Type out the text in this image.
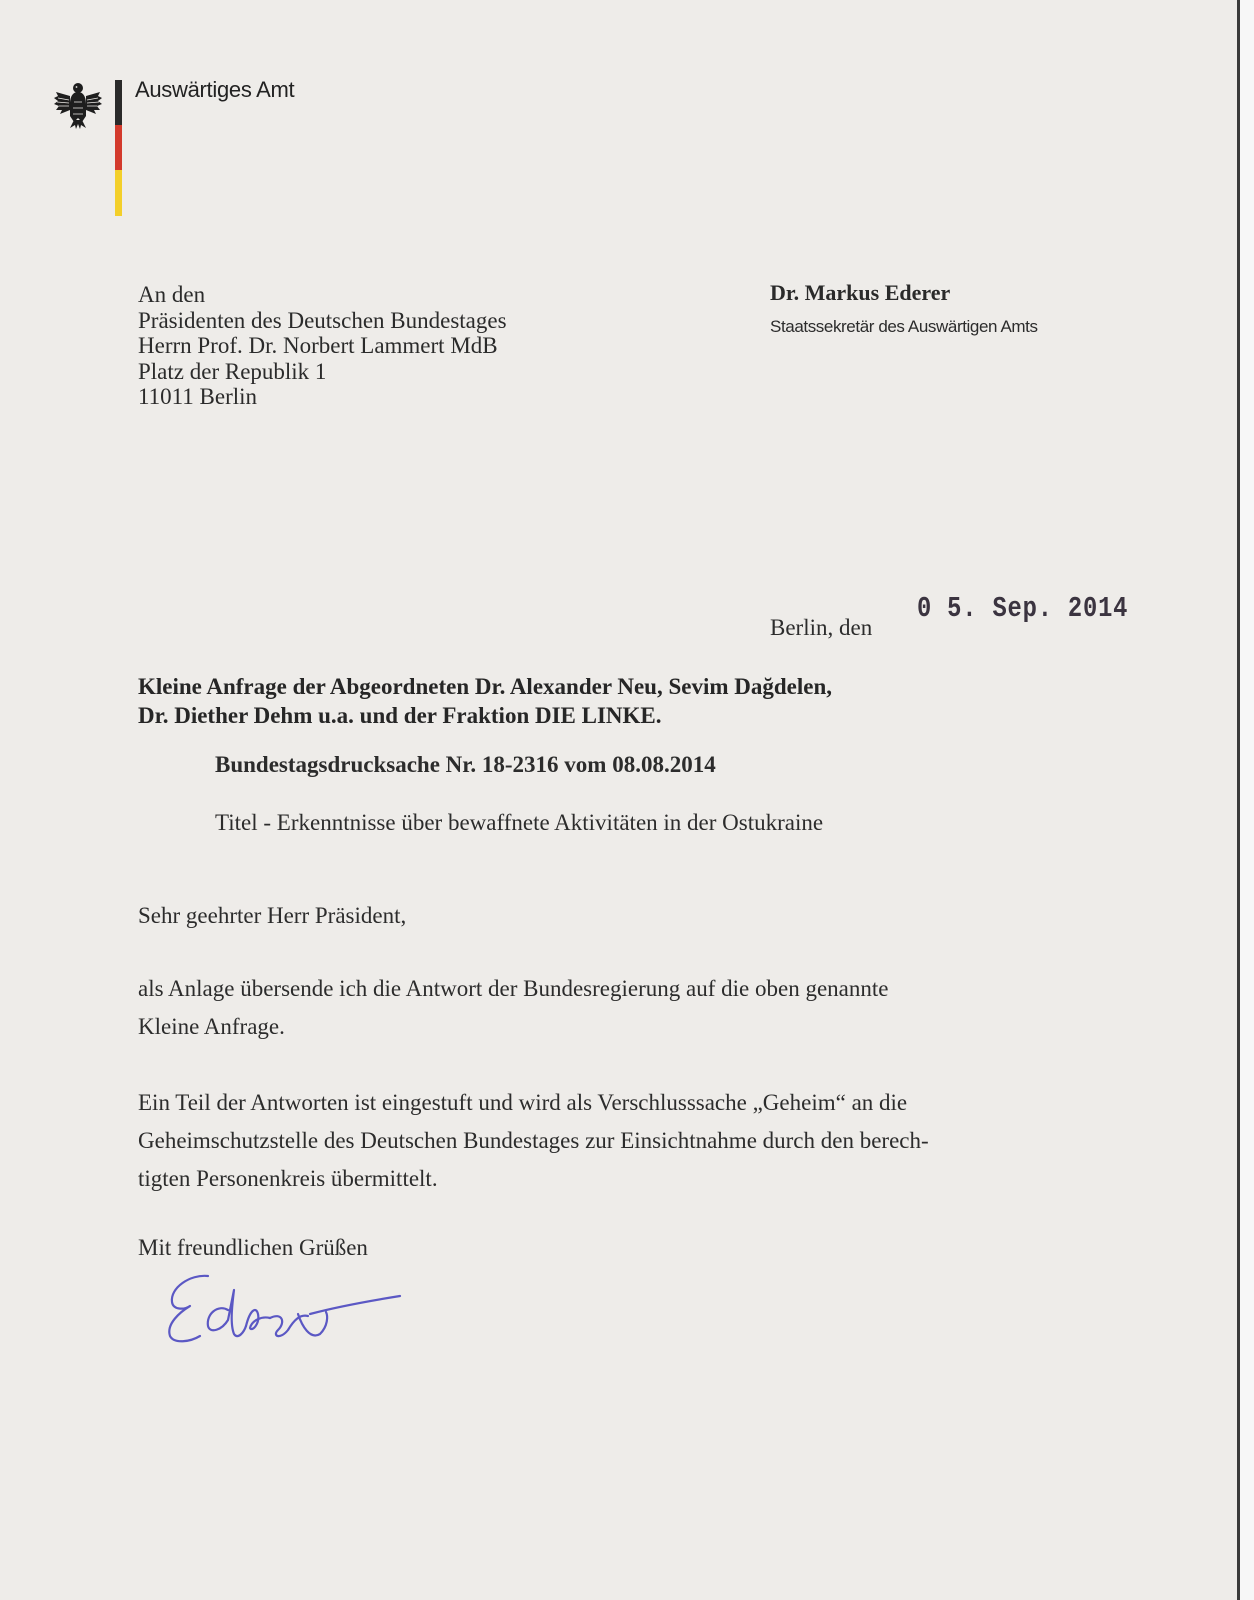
Auswärtiges Amt
An den
Präsidenten des Deutschen Bundestages
Herrn Prof. Dr. Norbert Lammert MdB
Platz der Republik 1
11011 Berlin
Dr. Markus Ederer
Staatssekretär des Auswärtigen Amts
Berlin, den
0 5. Sep. 2014
Kleine Anfrage der Abgeordneten Dr. Alexander Neu, Sevim Dağdelen,
Dr. Diether Dehm u.a. und der Fraktion DIE LINKE.
Bundestagsdrucksache Nr. 18-2316 vom 08.08.2014
Titel - Erkenntnisse über bewaffnete Aktivitäten in der Ostukraine
Sehr geehrter Herr Präsident,
als Anlage übersende ich die Antwort der Bundesregierung auf die oben genannte
Kleine Anfrage.
Ein Teil der Antworten ist eingestuft und wird als Verschlusssache „Geheim“ an die
Geheimschutzstelle des Deutschen Bundestages zur Einsichtnahme durch den berech-
tigten Personenkreis übermittelt.
Mit freundlichen Grüßen
